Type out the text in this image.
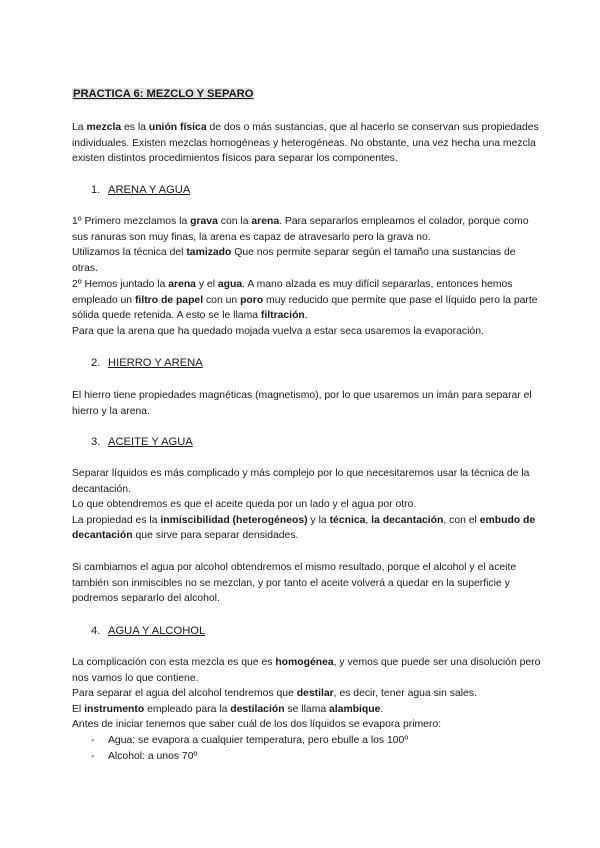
PRACTICA 6: MEZCLO Y SEPARO
La mezcla es la unión física de dos o más sustancias, que al hacerlo se conservan sus propiedades individuales. Existen mezclas homogéneas y heterogéneas. No obstante, una vez hecha una mezcla existen distintos procedimientos físicos para separar los componentes.
1. ARENA Y AGUA
1º Primero mezclamos la grava con la arena. Para separarlos empleamos el colador, porque como sus ranuras son muy finas, la arena es capaz de atravesarlo pero la grava no.
Utilizamos la técnica del tamizado Que nos permite separar según el tamaño una sustancias de otras.
2º Hemos juntado la arena y el agua. A mano alzada es muy difícil separarlas, entonces hemos empleado un filtro de papel con un poro muy reducido que permite que pase el líquido pero la parte sólida quede retenida. A esto se le llama filtración.
Para que la arena que ha quedado mojada vuelva a estar seca usaremos la evaporación.
2. HIERRO Y ARENA
El hierro tiene propiedades magnéticas (magnetismo), por lo que usaremos un imán para separar el hierro y la arena.
3. ACEITE Y AGUA
Separar líquidos es más complicado y más complejo por lo que necesitaremos usar la técnica de la decantación.
Lo que obtendremos es que el aceite queda por un lado y el agua por otro.
La propiedad es la inmiscibilidad (heterogéneos) y la técnica, la decantación, con el embudo de decantación que sirve para separar densidades.
Si cambiamos el agua por alcohol obtendremos el mismo resultado, porque el alcohol y el aceite también son inmiscibles no se mezclan, y por tanto el aceite volverá a quedar en la superficie y podremos separarlo del alcohol.
4. AGUA Y ALCOHOL
La complicación con esta mezcla es que es homogénea, y vemos que puede ser una disolución pero nos vamos lo que contiene.
Para separar el agua del alcohol tendremos que destilar, es decir, tener agua sin sales.
El instrumento empleado para la destilación se llama alambique.
Antes de iniciar tenemos que saber cuál de los dos líquidos se evapora primero:
- Agua: se evapora a cualquier temperatura, pero ebulle a los 100º
- Alcohol: a unos 70º
